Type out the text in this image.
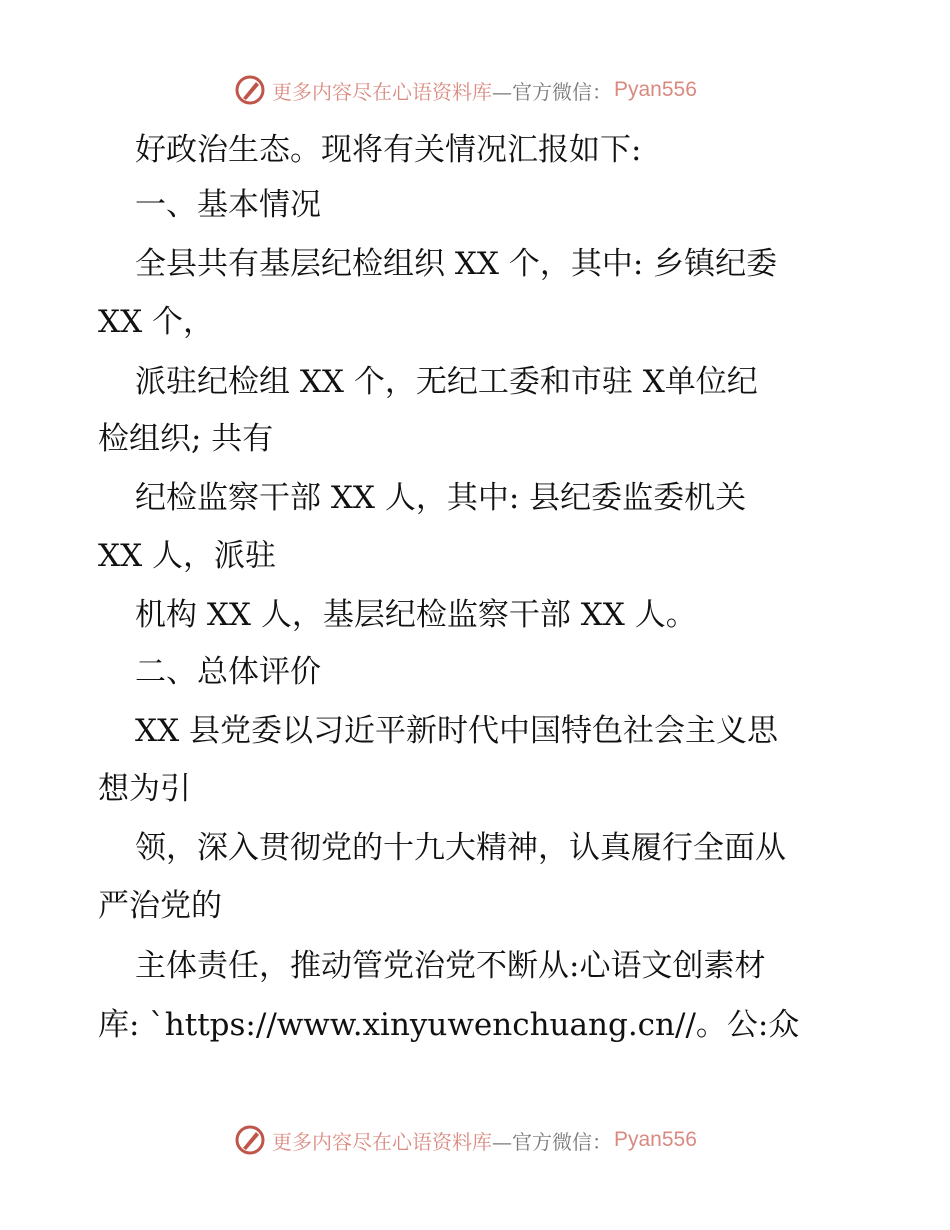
更多内容尽在心语资料库 —官方微信： Pyan556
好政治生态。现将有关情况汇报如下:
一、基本情况
全县共有基层纪检组织 XX 个，其中: 乡镇纪委
XX 个，
派驻纪检组 XX 个，无纪工委和市驻 X单位纪
检组织; 共有
纪检监察干部 XX 人，其中: 县纪委监委机关
XX 人，派驻
机构 XX 人，基层纪检监察干部 XX 人。
二、总体评价
XX 县党委以习近平新时代中国特色社会主义思
想为引
领，深入贯彻党的十九大精神，认真履行全面从
严治党的
主体责任，推动管党治党不断从:心语文创素材
库: `https://www.xinyuwenchuang.cn//。公:众
更多内容尽在心语资料库 —官方微信： Pyan556
